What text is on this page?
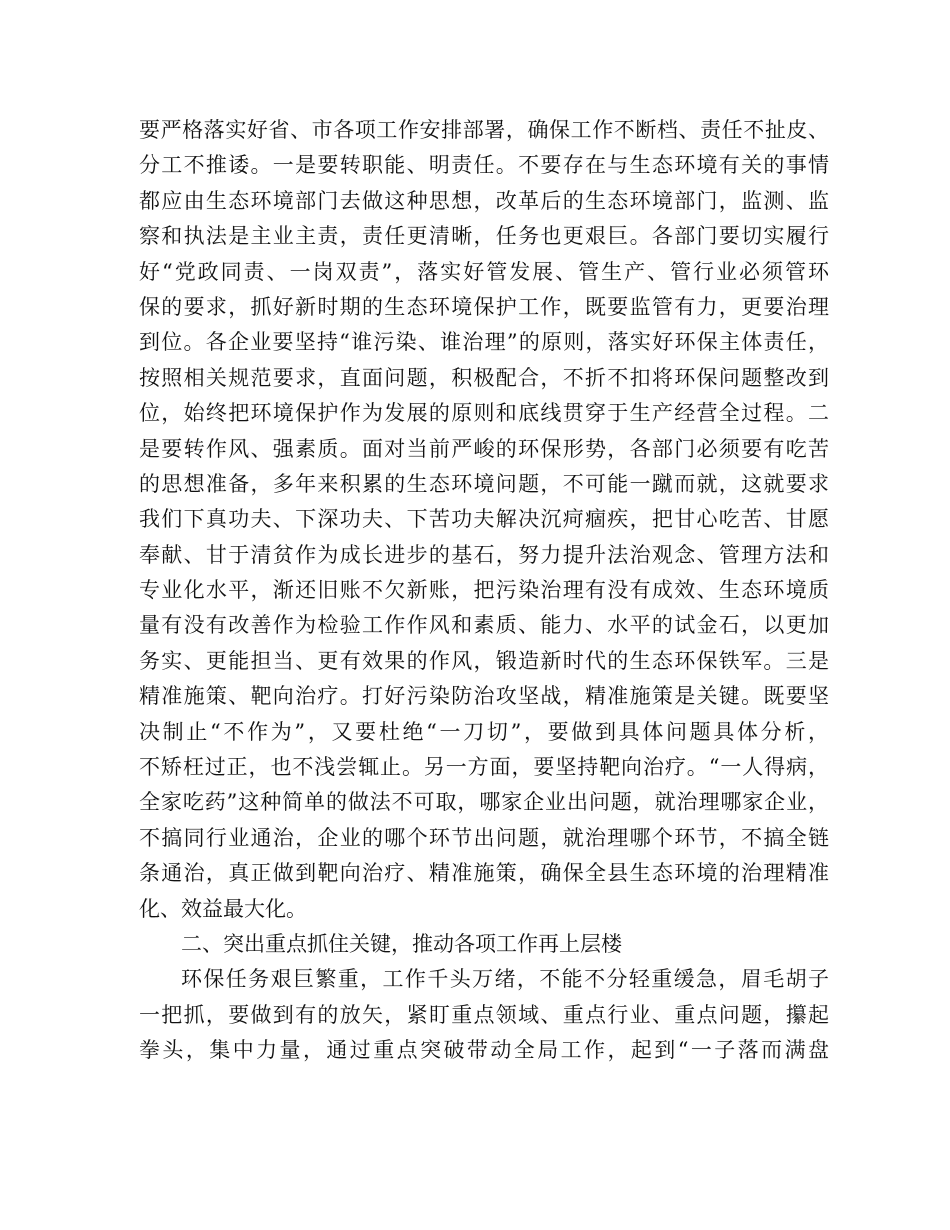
要严格落实好省、市各项工作安排部署，确保工作不断档、责任不扯皮、
分工不推诿。一是要转职能、明责任。不要存在与生态环境有关的事情
都应由生态环境部门去做这种思想，改革后的生态环境部门，监测、监
察和执法是主业主责，责任更清晰，任务也更艰巨。各部门要切实履行
好“党政同责、一岗双责”，落实好管发展、管生产、管行业必须管环
保的要求，抓好新时期的生态环境保护工作，既要监管有力，更要治理
到位。各企业要坚持“谁污染、谁治理”的原则，落实好环保主体责任，
按照相关规范要求，直面问题，积极配合，不折不扣将环保问题整改到
位，始终把环境保护作为发展的原则和底线贯穿于生产经营全过程。二
是要转作风、强素质。面对当前严峻的环保形势，各部门必须要有吃苦
的思想准备，多年来积累的生态环境问题，不可能一蹴而就，这就要求
我们下真功夫、下深功夫、下苦功夫解决沉疴痼疾，把甘心吃苦、甘愿
奉献、甘于清贫作为成长进步的基石，努力提升法治观念、管理方法和
专业化水平，渐还旧账不欠新账，把污染治理有没有成效、生态环境质
量有没有改善作为检验工作作风和素质、能力、水平的试金石，以更加
务实、更能担当、更有效果的作风，锻造新时代的生态环保铁军。三是
精准施策、靶向治疗。打好污染防治攻坚战，精准施策是关键。既要坚
决制止“不作为”，又要杜绝“一刀切”，要做到具体问题具体分析，
不矫枉过正，也不浅尝辄止。另一方面，要坚持靶向治疗。“一人得病，
全家吃药”这种简单的做法不可取，哪家企业出问题，就治理哪家企业，
不搞同行业通治，企业的哪个环节出问题，就治理哪个环节，不搞全链
条通治，真正做到靶向治疗、精准施策，确保全县生态环境的治理精准
化、效益最大化。
二、突出重点抓住关键，推动各项工作再上层楼
环保任务艰巨繁重，工作千头万绪，不能不分轻重缓急，眉毛胡子
一把抓，要做到有的放矢，紧盯重点领域、重点行业、重点问题，攥起
拳头，集中力量，通过重点突破带动全局工作，起到“一子落而满盘
